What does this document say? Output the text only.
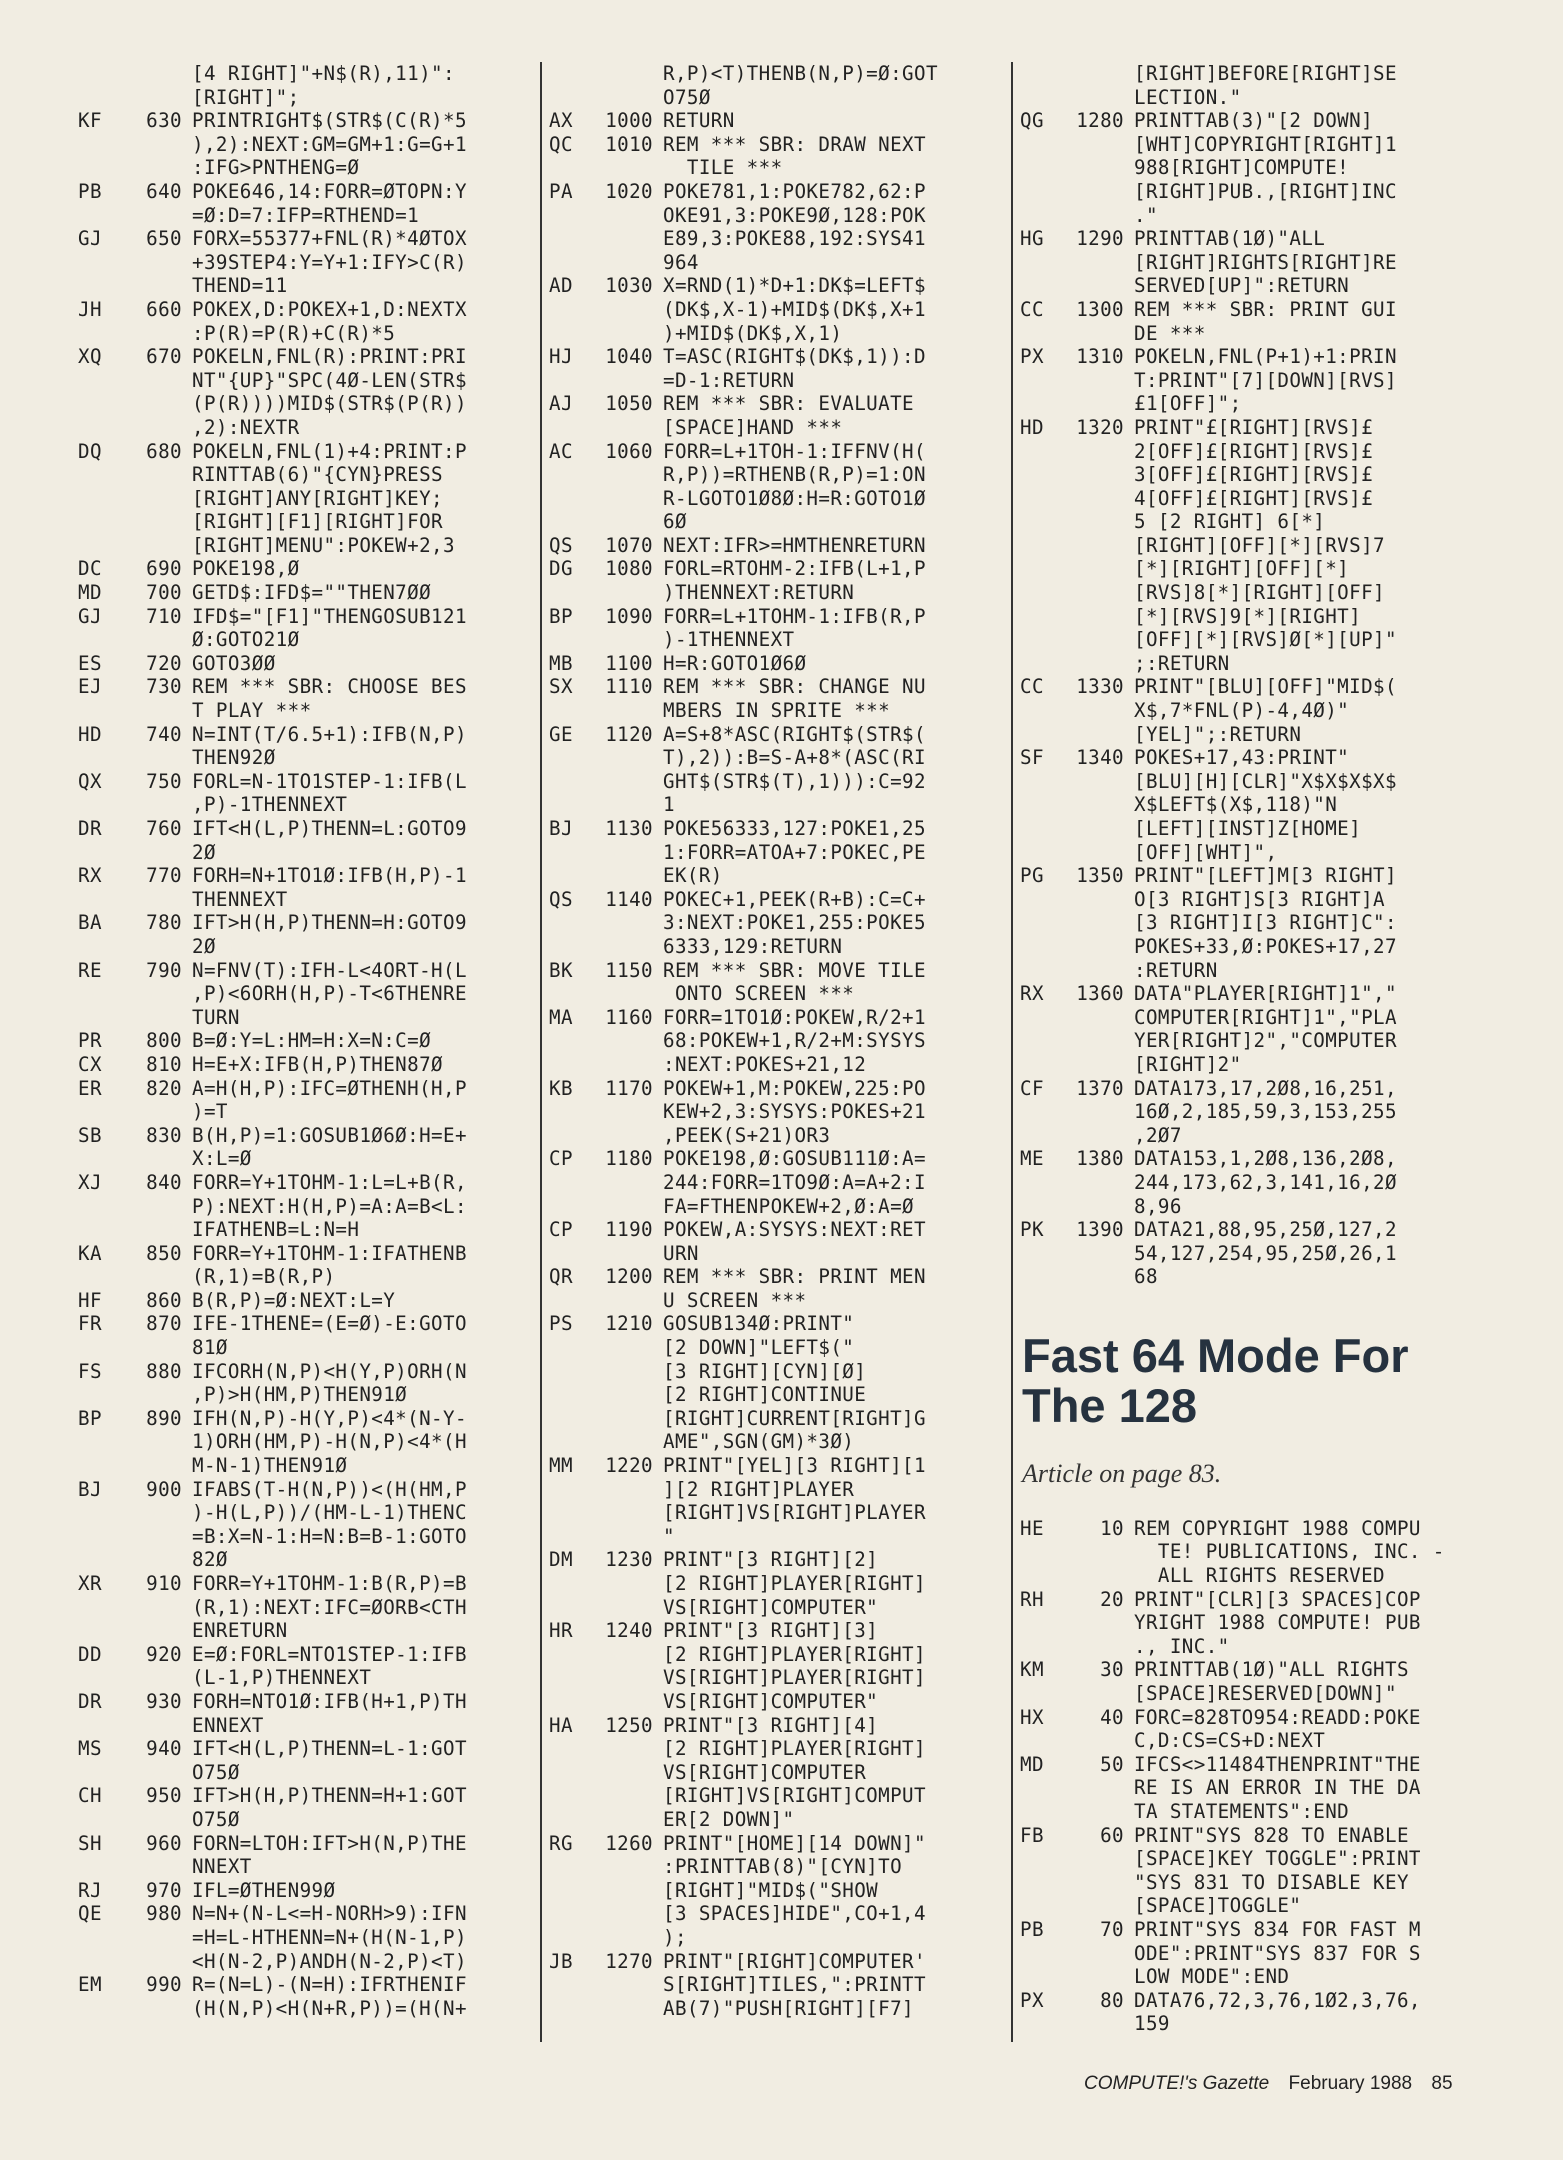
[4 RIGHT]"+N$(R),11)":
[RIGHT]";
KF 630 PRINTRIGHT$(STR$(C(R)*5
),2):NEXT:GM=GM+1:G=G+1
:IFG>PNTHENG=Ø
PB 640 POKE646,14:FORR=ØTOPN:Y
=Ø:D=7:IFP=RTHEND=1
GJ 650 FORX=55377+FNL(R)*4ØTOX
+39STEP4:Y=Y+1:IFY>C(R)
THEND=11
JH 660 POKEX,D:POKEX+1,D:NEXTX
:P(R)=P(R)+C(R)*5
XQ 670 POKELN,FNL(R):PRINT:PRI
NT"{UP}"SPC(4Ø-LEN(STR$
(P(R))))MID$(STR$(P(R))
,2):NEXTR
DQ 680 POKELN,FNL(1)+4:PRINT:P
RINTTAB(6)"{CYN}PRESS
[RIGHT]ANY[RIGHT]KEY;
[RIGHT][F1][RIGHT]FOR
[RIGHT]MENU":POKEW+2,3
DC 690 POKE198,Ø
MD 700 GETD$:IFD$=""THEN7ØØ
GJ 710 IFD$="[F1]"THENGOSUB121
Ø:GOTO21Ø
ES 720 GOTO3ØØ
EJ 730 REM *** SBR: CHOOSE BES
T PLAY ***
HD 740 N=INT(T/6.5+1):IFB(N,P)
THEN92Ø
QX 750 FORL=N-1TO1STEP-1:IFB(L
,P)-1THENNEXT
DR 760 IFT<H(L,P)THENN=L:GOTO9
2Ø
RX 770 FORH=N+1TO1Ø:IFB(H,P)-1
THENNEXT
BA 780 IFT>H(H,P)THENN=H:GOTO9
2Ø
RE 790 N=FNV(T):IFH-L<4ORT-H(L
,P)<6ORH(H,P)-T<6THENRE
TURN
PR 800 B=Ø:Y=L:HM=H:X=N:C=Ø
CX 810 H=E+X:IFB(H,P)THEN87Ø
ER 820 A=H(H,P):IFC=ØTHENH(H,P
)=T
SB 830 B(H,P)=1:GOSUB1Ø6Ø:H=E+
X:L=Ø
XJ 840 FORR=Y+1TOHM-1:L=L+B(R,
P):NEXT:H(H,P)=A:A=B<L:
IFATHENB=L:N=H
KA 850 FORR=Y+1TOHM-1:IFATHENB
(R,1)=B(R,P)
HF 860 B(R,P)=Ø:NEXT:L=Y
FR 870 IFE-1THENE=(E=Ø)-E:GOTO
81Ø
FS 880 IFCORH(N,P)<H(Y,P)ORH(N
,P)>H(HM,P)THEN91Ø
BP 890 IFH(N,P)-H(Y,P)<4*(N-Y-
1)ORH(HM,P)-H(N,P)<4*(H
M-N-1)THEN91Ø
BJ 900 IFABS(T-H(N,P))<(H(HM,P
)-H(L,P))/(HM-L-1)THENC
=B:X=N-1:H=N:B=B-1:GOTO
82Ø
XR 910 FORR=Y+1TOHM-1:B(R,P)=B
(R,1):NEXT:IFC=ØORB<CTH
ENRETURN
DD 920 E=Ø:FORL=NTO1STEP-1:IFB
(L-1,P)THENNEXT
DR 930 FORH=NTO1Ø:IFB(H+1,P)TH
ENNEXT
MS 940 IFT<H(L,P)THENN=L-1:GOT
O75Ø
CH 950 IFT>H(H,P)THENN=H+1:GOT
O75Ø
SH 960 FORN=LTOH:IFT>H(N,P)THE
NNEXT
RJ 970 IFL=ØTHEN99Ø
QE 980 N=N+(N-L<=H-NORH>9):IFN
=H=L-HTHENN=N+(H(N-1,P)
<H(N-2,P)ANDH(N-2,P)<T)
EM 990 R=(N=L)-(N=H):IFRTHENIF
(H(N,P)<H(N+R,P))=(H(N+
R,P)<T)THENB(N,P)=Ø:GOT
O75Ø
AX 1000 RETURN
QC 1010 REM *** SBR: DRAW NEXT
TILE ***
PA 1020 POKE781,1:POKE782,62:P
OKE91,3:POKE9Ø,128:POK
E89,3:POKE88,192:SYS41
964
AD 1030 X=RND(1)*D+1:DK$=LEFT$
(DK$,X-1)+MID$(DK$,X+1
)+MID$(DK$,X,1)
HJ 1040 T=ASC(RIGHT$(DK$,1)):D
=D-1:RETURN
AJ 1050 REM *** SBR: EVALUATE
[SPACE]HAND ***
AC 1060 FORR=L+1TOH-1:IFFNV(H(
R,P))=RTHENB(R,P)=1:ON
R-LGOTO1Ø8Ø:H=R:GOTO1Ø
6Ø
QS 1070 NEXT:IFR>=HMTHENRETURN
DG 1080 FORL=RTOHM-2:IFB(L+1,P
)THENNEXT:RETURN
BP 1090 FORR=L+1TOHM-1:IFB(R,P
)-1THENNEXT
MB 1100 H=R:GOTO1Ø6Ø
SX 1110 REM *** SBR: CHANGE NU
MBERS IN SPRITE ***
GE 1120 A=S+8*ASC(RIGHT$(STR$(
T),2)):B=S-A+8*(ASC(RI
GHT$(STR$(T),1))):C=92
1
BJ 1130 POKE56333,127:POKE1,25
1:FORR=ATOA+7:POKEC,PE
EK(R)
QS 1140 POKEC+1,PEEK(R+B):C=C+
3:NEXT:POKE1,255:POKE5
6333,129:RETURN
BK 1150 REM *** SBR: MOVE TILE
ONTO SCREEN ***
MA 1160 FORR=1TO1Ø:POKEW,R/2+1
68:POKEW+1,R/2+M:SYSYS
:NEXT:POKES+21,12
KB 1170 POKEW+1,M:POKEW,225:PO
KEW+2,3:SYSYS:POKES+21
,PEEK(S+21)OR3
CP 1180 POKE198,Ø:GOSUB111Ø:A=
244:FORR=1TO9Ø:A=A+2:I
FA=FTHENPOKEW+2,Ø:A=Ø
CP 1190 POKEW,A:SYSYS:NEXT:RET
URN
QR 1200 REM *** SBR: PRINT MEN
U SCREEN ***
PS 1210 GOSUB134Ø:PRINT"
[2 DOWN]"LEFT$("
[3 RIGHT][CYN][Ø]
[2 RIGHT]CONTINUE
[RIGHT]CURRENT[RIGHT]G
AME",SGN(GM)*3Ø)
MM 1220 PRINT"[YEL][3 RIGHT][1
][2 RIGHT]PLAYER
[RIGHT]VS[RIGHT]PLAYER
"
DM 1230 PRINT"[3 RIGHT][2]
[2 RIGHT]PLAYER[RIGHT]
VS[RIGHT]COMPUTER"
HR 1240 PRINT"[3 RIGHT][3]
[2 RIGHT]PLAYER[RIGHT]
VS[RIGHT]PLAYER[RIGHT]
VS[RIGHT]COMPUTER"
HA 1250 PRINT"[3 RIGHT][4]
[2 RIGHT]PLAYER[RIGHT]
VS[RIGHT]COMPUTER
[RIGHT]VS[RIGHT]COMPUT
ER[2 DOWN]"
RG 1260 PRINT"[HOME][14 DOWN]"
:PRINTTAB(8)"[CYN]TO
[RIGHT]"MID$("SHOW
[3 SPACES]HIDE",CO+1,4
);
JB 1270 PRINT"[RIGHT]COMPUTER'
S[RIGHT]TILES,":PRINTT
AB(7)"PUSH[RIGHT][F7]
[RIGHT]BEFORE[RIGHT]SE
LECTION."
QG 1280 PRINTTAB(3)"[2 DOWN]
[WHT]COPYRIGHT[RIGHT]1
988[RIGHT]COMPUTE!
[RIGHT]PUB.,[RIGHT]INC
."
HG 1290 PRINTTAB(1Ø)"ALL
[RIGHT]RIGHTS[RIGHT]RE
SERVED[UP]":RETURN
CC 1300 REM *** SBR: PRINT GUI
DE ***
PX 1310 POKELN,FNL(P+1)+1:PRIN
T:PRINT"[7][DOWN][RVS]
£1[OFF]";
HD 1320 PRINT"£[RIGHT][RVS]£
2[OFF]£[RIGHT][RVS]£
3[OFF]£[RIGHT][RVS]£
4[OFF]£[RIGHT][RVS]£
5 [2 RIGHT] 6[*]
[RIGHT][OFF][*][RVS]7
[*][RIGHT][OFF][*]
[RVS]8[*][RIGHT][OFF]
[*][RVS]9[*][RIGHT]
[OFF][*][RVS]Ø[*][UP]"
;:RETURN
CC 1330 PRINT"[BLU][OFF]"MID$(
X$,7*FNL(P)-4,4Ø)"
[YEL]";:RETURN
SF 1340 POKES+17,43:PRINT"
[BLU][H][CLR]"X$X$X$X$
X$LEFT$(X$,118)"N
[LEFT][INST]Z[HOME]
[OFF][WHT]",
PG 1350 PRINT"[LEFT]M[3 RIGHT]
O[3 RIGHT]S[3 RIGHT]A
[3 RIGHT]I[3 RIGHT]C":
POKES+33,Ø:POKES+17,27
:RETURN
RX 1360 DATA"PLAYER[RIGHT]1","
COMPUTER[RIGHT]1","PLA
YER[RIGHT]2","COMPUTER
[RIGHT]2"
CF 1370 DATA173,17,2Ø8,16,251,
16Ø,2,185,59,3,153,255
,2Ø7
ME 1380 DATA153,1,2Ø8,136,2Ø8,
244,173,62,3,141,16,2Ø
8,96
PK 1390 DATA21,88,95,25Ø,127,2
54,127,254,95,25Ø,26,1
68
Fast 64 Mode For The 128
Article on page 83.
HE	10 REM COPYRIGHT 1988 COMPU
TE! PUBLICATIONS, INC. -
ALL RIGHTS RESERVED
RH	20 PRINT"[CLR][3 SPACES]COP
YRIGHT 1988 COMPUTE! PUB
., INC."
KM	30 PRINTTAB(1Ø)"ALL RIGHTS
[SPACE]RESERVED[DOWN]"
HX	40 FORC=828TO954:READD:POKE
C,D:CS=CS+D:NEXT
MD	50 IFCS<>11484THENPRINT"THE
RE IS AN ERROR IN THE DA
TA STATEMENTS":END
FB	60 PRINT"SYS 828 TO ENABLE
[SPACE]KEY TOGGLE":PRINT
"SYS 831 TO DISABLE KEY
[SPACE]TOGGLE"
PB	70 PRINT"SYS 834 FOR FAST M
ODE":PRINT"SYS 837 FOR S
LOW MODE":END
PX	80 DATA76,72,3,76,1Ø2,3,76,
159
COMPUTE!'s Gazette February 1988 85
